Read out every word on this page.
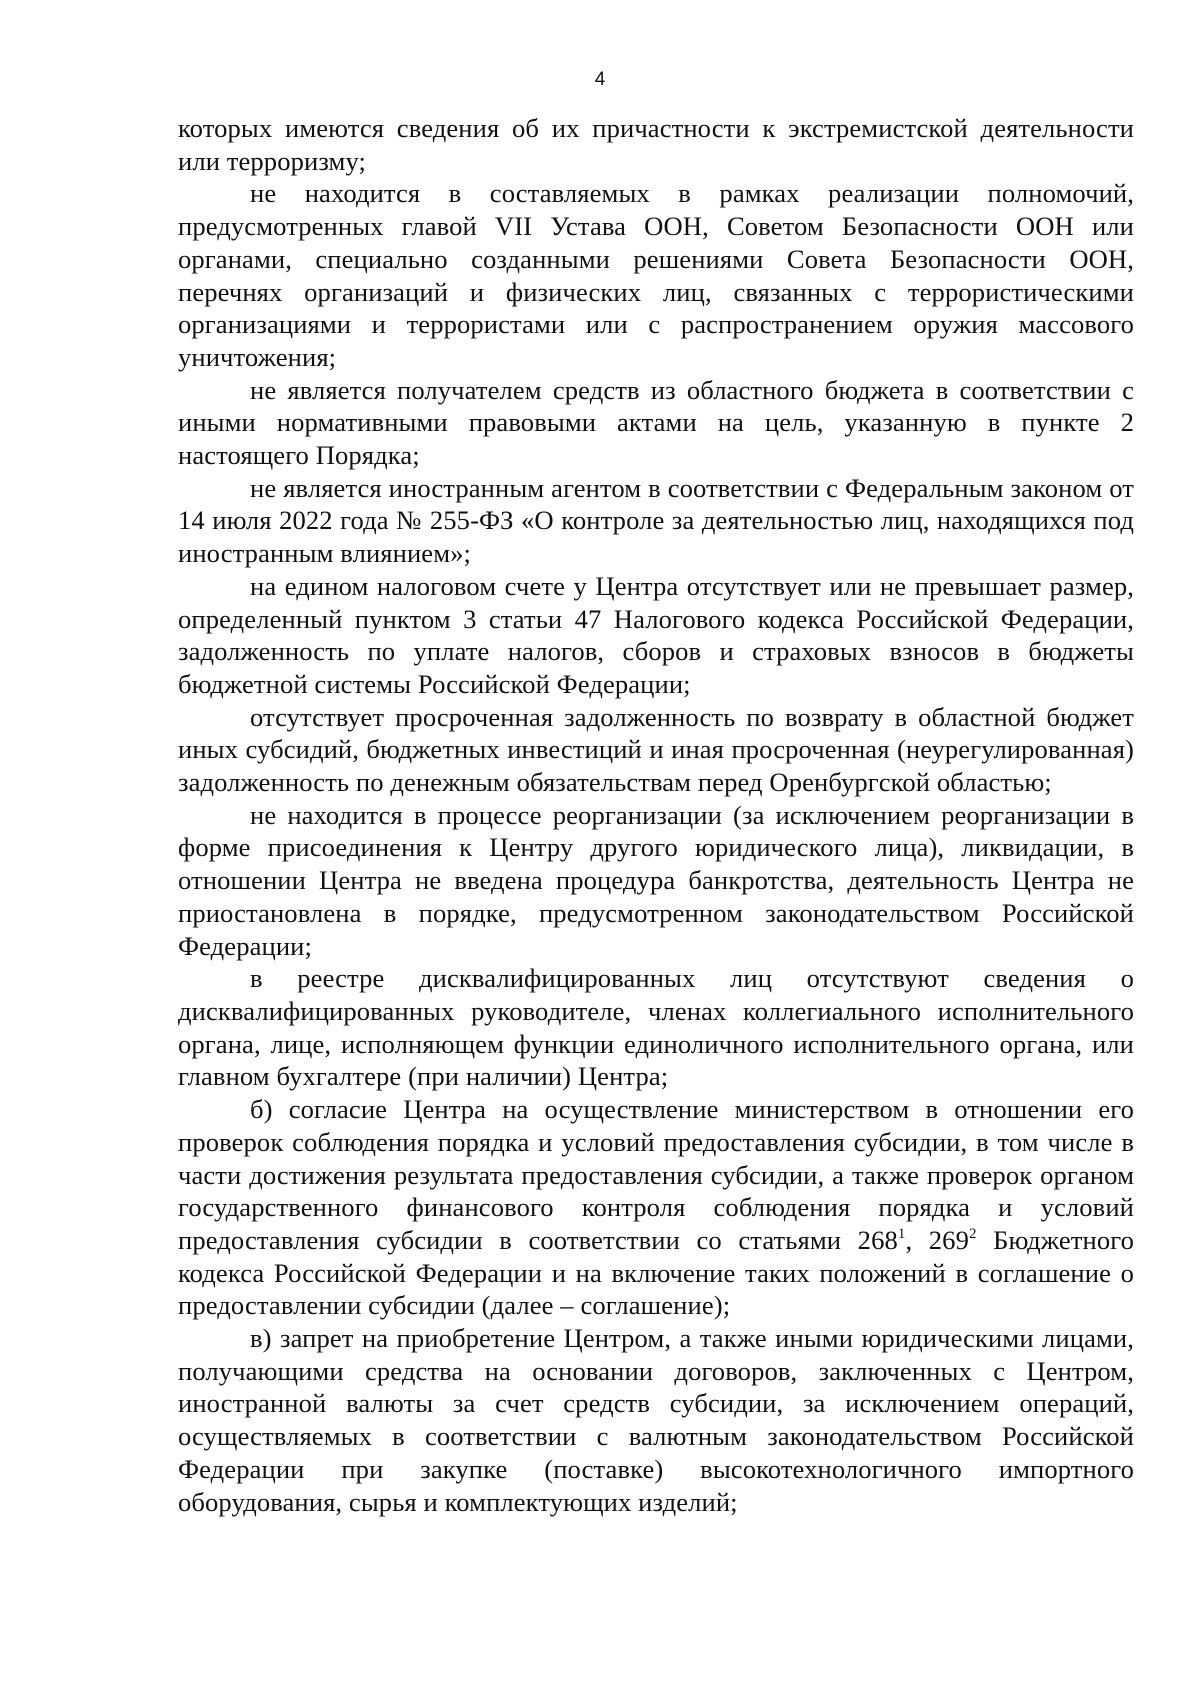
4

которых имеются сведения об их причастности к экстремистской деятельности или терроризму;

не находится в составляемых в рамках реализации полномочий, предусмотренных главой VII Устава ООН, Советом Безопасности ООН или органами, специально созданными решениями Совета Безопасности ООН, перечнях организаций и физических лиц, связанных с террористическими организациями и террористами или с распространением оружия массового уничтожения;

не является получателем средств из областного бюджета в соответствии с иными нормативными правовыми актами на цель, указанную в пункте 2 настоящего Порядка;

не является иностранным агентом в соответствии с Федеральным законом от 14 июля 2022 года № 255-ФЗ «О контроле за деятельностью лиц, находящихся под иностранным влиянием»;

на едином налоговом счете у Центра отсутствует или не превышает размер, определенный пунктом 3 статьи 47 Налогового кодекса Российской Федерации, задолженность по уплате налогов, сборов и страховых взносов в бюджеты бюджетной системы Российской Федерации;

отсутствует просроченная задолженность по возврату в областной бюджет иных субсидий, бюджетных инвестиций и иная просроченная (неурегулированная) задолженность по денежным обязательствам перед Оренбургской областью;

не находится в процессе реорганизации (за исключением реорганизации в форме присоединения к Центру другого юридического лица), ликвидации, в отношении Центра не введена процедура банкротства, деятельность Центра не приостановлена в порядке, предусмотренном законодательством Российской Федерации;

в реестре дисквалифицированных лиц отсутствуют сведения о дисквалифицированных руководителе, членах коллегиального исполнительного органа, лице, исполняющем функции единоличного исполнительного органа, или главном бухгалтере (при наличии) Центра;

б) согласие Центра на осуществление министерством в отношении его проверок соблюдения порядка и условий предоставления субсидии, в том числе в части достижения результата предоставления субсидии, а также проверок органом государственного финансового контроля соблюдения порядка и условий предоставления субсидии в соответствии со статьями $268^1$, $269^2$ Бюджетного кодекса Российской Федерации и на включение таких положений в соглашение о предоставлении субсидии (далее – соглашение);

в) запрет на приобретение Центром, а также иными юридическими лицами, получающими средства на основании договоров, заключенных с Центром, иностранной валюты за счет средств субсидии, за исключением операций, осуществляемых в соответствии с валютным законодательством Российской Федерации при закупке (поставке) высокотехнологичного импортного оборудования, сырья и комплектующих изделий;
